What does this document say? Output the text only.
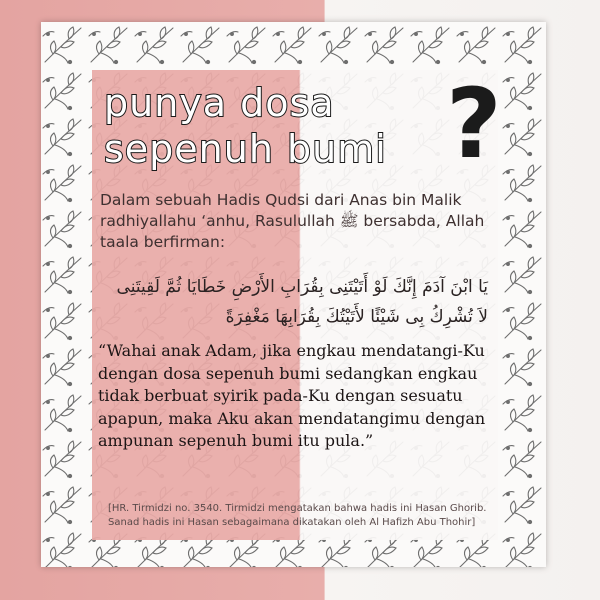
punya dosa
sepenuh bumi ?

Dalam sebuah Hadis Qudsi dari Anas bin Malik radhiyallahu ‘anhu, Rasulullah ﷺ bersabda, Allah taala berfirman:

يَا ابْنَ آدَمَ إِنَّكَ لَوْ أَتَيْتَنِى بِقُرَابِ الأَرْضِ خَطَايَا ثُمَّ لَقِيتَنِى لاَ تُشْرِكُ بِى شَيْئًا لأَتَيْتُكَ بِقُرَابِهَا مَغْفِرَةً

“Wahai anak Adam, jika engkau mendatangi-Ku dengan dosa sepenuh bumi sedangkan engkau tidak berbuat syirik pada-Ku dengan sesuatu apapun, maka Aku akan mendatangimu dengan ampunan sepenuh bumi itu pula.”

[HR. Tirmidzi no. 3540. Tirmidzi mengatakan bahwa hadis ini Hasan Ghorib. Sanad hadis ini Hasan sebagaimana dikatakan oleh Al Hafizh Abu Thohir]
